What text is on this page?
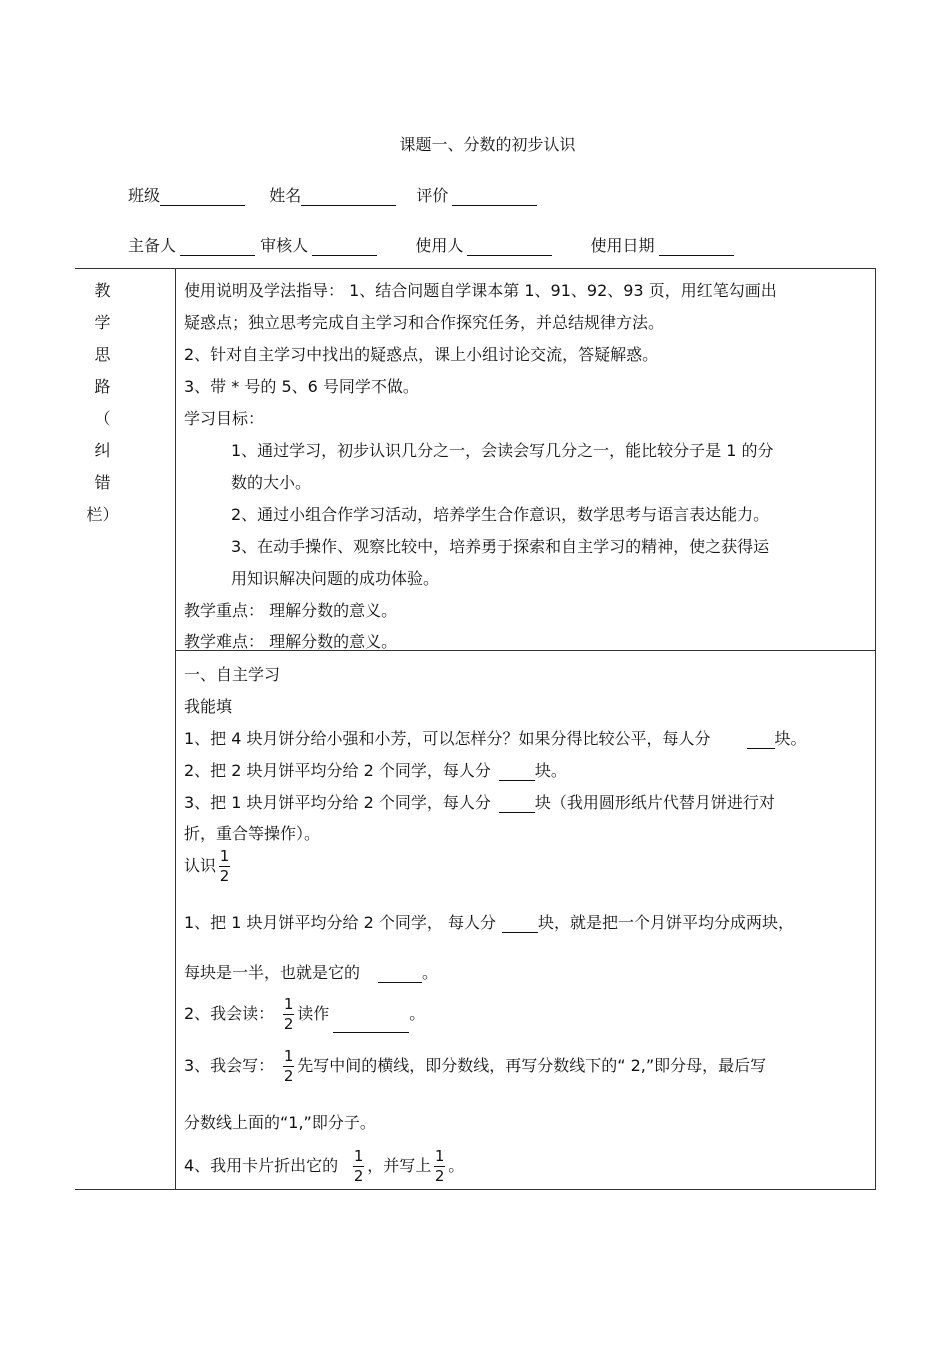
课题一、分数的初步认识
班级	姓名	评价
主备人	审核人	使用人	使用日期
教
学
思
路
（
纠
错
栏）
使用说明及学法指导： 1、结合问题自学课本第 1、91、92、93 页，用红笔勾画出
疑惑点；独立思考完成自主学习和合作探究任务，并总结规律方法。
2、针对自主学习中找出的疑惑点，课上小组讨论交流，答疑解惑。
3、带 * 号的 5、6 号同学不做。
学习目标：
1、通过学习，初步认识几分之一，会读会写几分之一，能比较分子是 1 的分
数的大小。
2、通过小组合作学习活动，培养学生合作意识，数学思考与语言表达能力。
3、在动手操作、观察比较中，培养勇于探索和自主学习的精神，使之获得运
用知识解决问题的成功体验。
教学重点： 理解分数的意义。
教学难点： 理解分数的意义。
一、自主学习
我能填
1、把 4 块月饼分给小强和小芳，可以怎样分？如果分得比较公平，每人分	块。
2、把 2 块月饼平均分给 2 个同学，每人分	块。
3、把 1 块月饼平均分给 2 个同学，每人分	块（我用圆形纸片代替月饼进行对
折，重合等操作）。
认识 $\frac{1}{2}$
1、把 1 块月饼平均分给 2 个同学， 每人分	块，就是把一个月饼平均分成两块，
每块是一半，也就是它的	。
2、我会读： $\frac{1}{2}$ 读作	。
3、我会写： $\frac{1}{2}$ 先写中间的横线，即分数线，再写分数线下的“ 2,”即分母，最后写
分数线上面的“1,”即分子。
4、我用卡片折出它的 $\frac{1}{2}$ ，并写上 $\frac{1}{2}$ 。
